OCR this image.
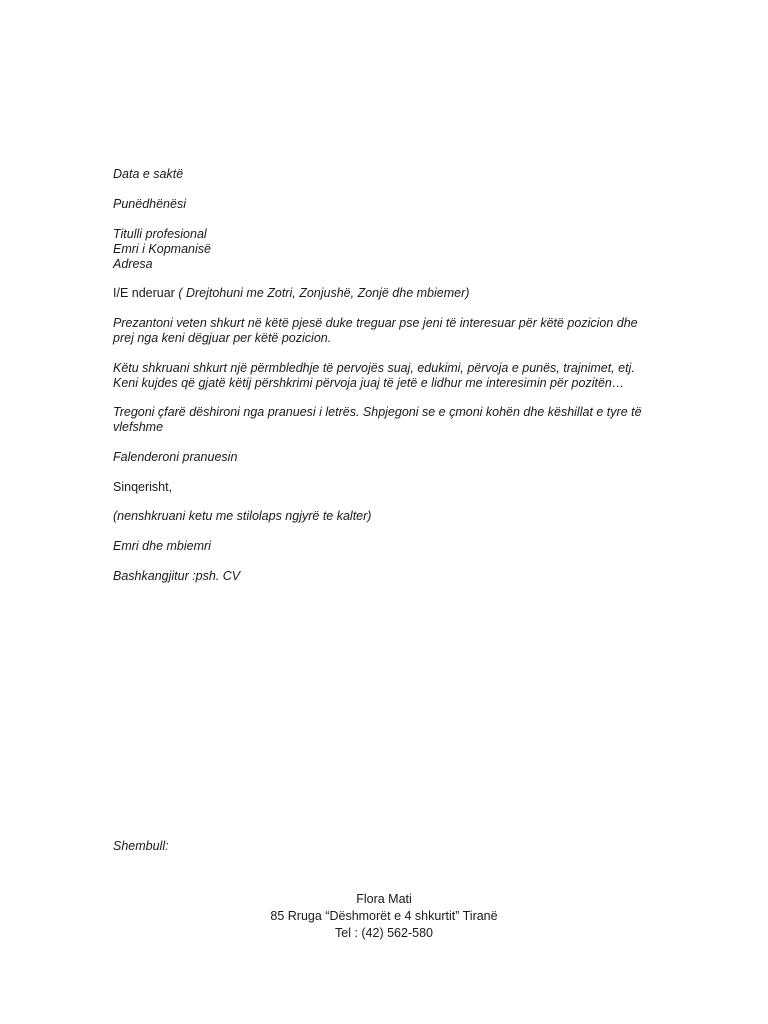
Data e saktë

Punëdhënësi

Titulli profesional

Emri i Kopmanisë

Adresa

I/E nderuar ( Drejtohuni me Zotri, Zonjushë, Zonjë dhe mbiemer)

Prezantoni veten shkurt në këtë pjesë duke treguar pse jeni të interesuar për këtë pozicion dhe

prej nga keni dëgjuar per këtë pozicion.

Këtu shkruani shkurt një përmbledhje të pervojës suaj, edukimi, përvoja e punës, trajnimet, etj.

Keni kujdes që gjatë këtij përshkrimi përvoja juaj të jetë e lidhur me interesimin për pozitën…

Tregoni çfarë dëshironi nga pranuesi i letrës. Shpjegoni se e çmoni kohën dhe këshillat e tyre të

vlefshme

Falenderoni pranuesin

Sinqerisht,

(nenshkruani ketu me stilolaps ngjyrë te kalter)

Emri dhe mbiemri

Bashkangjitur :psh. CV

Shembull:

Flora Mati

85 Rruga “Dëshmorët e 4 shkurtit” Tiranë

Tel : (42) 562-580
